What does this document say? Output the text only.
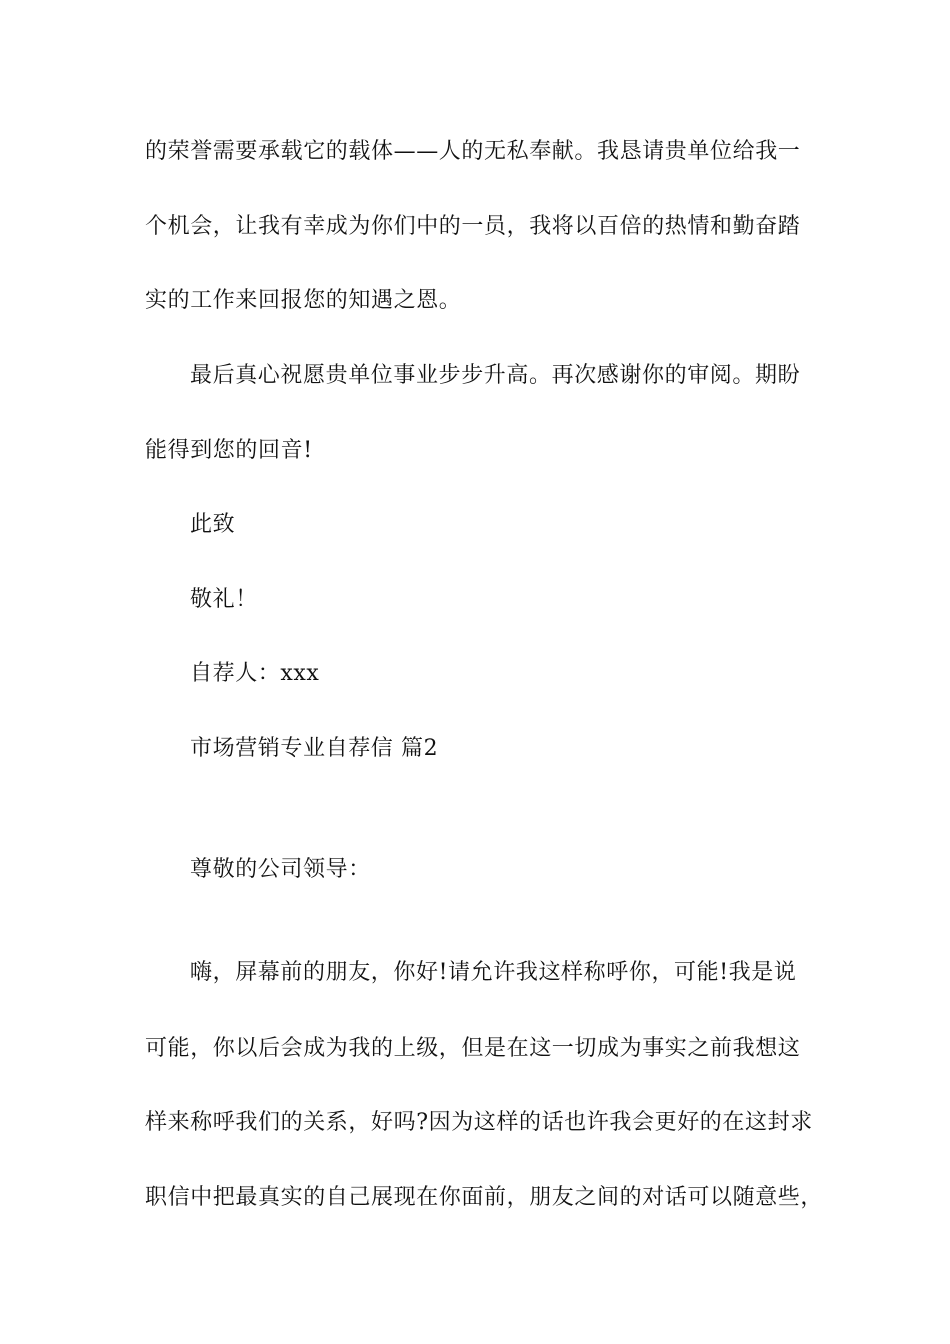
的荣誉需要承载它的载体——人的无私奉献。我恳请贵单位给我一
个机会，让我有幸成为你们中的一员，我将以百倍的热情和勤奋踏
实的工作来回报您的知遇之恩。
最后真心祝愿贵单位事业步步升高。再次感谢你的审阅。期盼
能得到您的回音!
此致
敬礼！
自荐人：xxx
市场营销专业自荐信 篇2
尊敬的公司领导：
嗨，屏幕前的朋友，你好!请允许我这样称呼你，可能!我是说
可能，你以后会成为我的上级，但是在这一切成为事实之前我想这
样来称呼我们的关系，好吗?因为这样的话也许我会更好的在这封求
职信中把最真实的自己展现在你面前，朋友之间的对话可以随意些，
